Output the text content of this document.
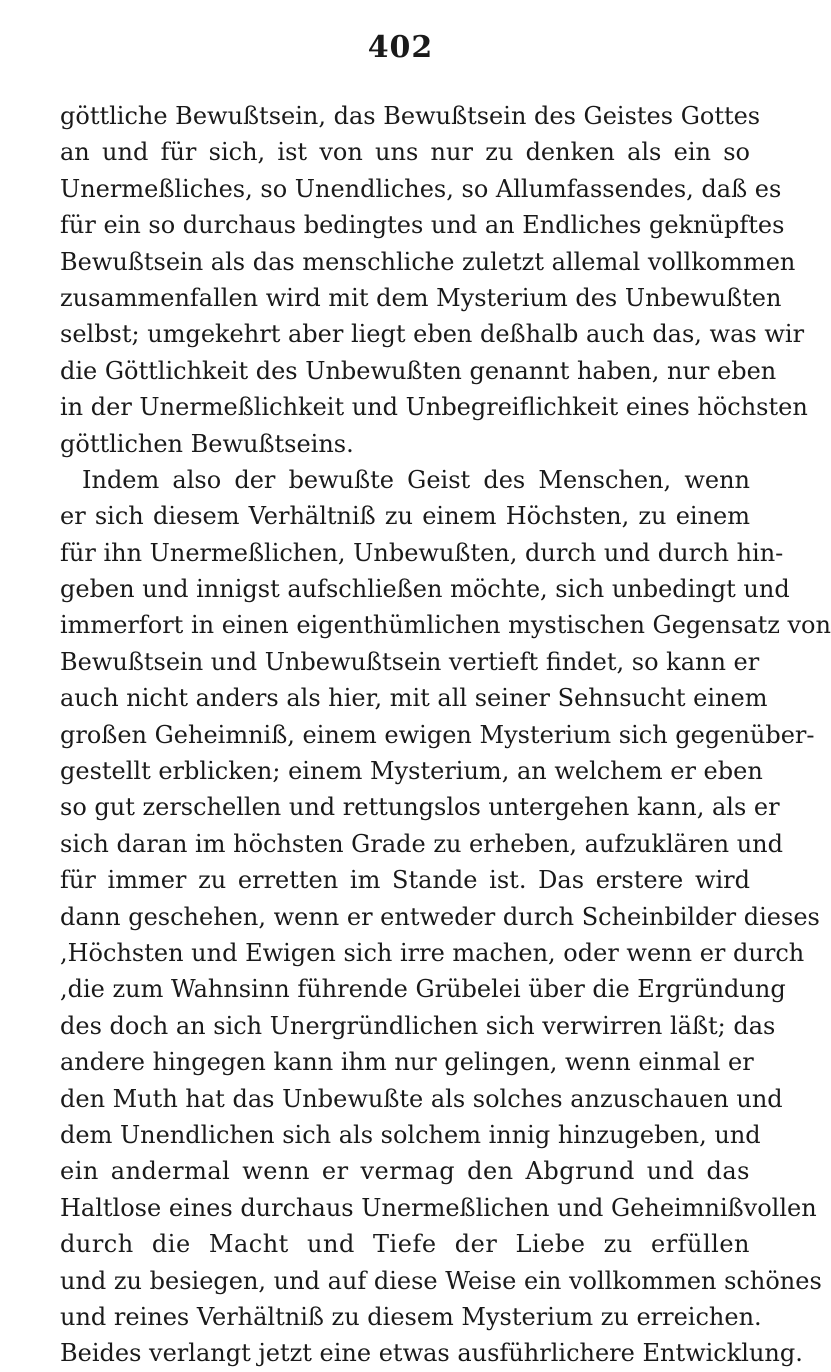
402
göttliche Bewußtsein, das Bewußtsein des Geistes Gottes
an und für sich, ist von uns nur zu denken als ein so
Unermeßliches, so Unendliches, so Allumfassendes, daß es
für ein so durchaus bedingtes und an Endliches geknüpftes
Bewußtsein als das menschliche zuletzt allemal vollkommen
zusammenfallen wird mit dem Mysterium des Unbewußten
selbst; umgekehrt aber liegt eben deßhalb auch das, was wir
die Göttlichkeit des Unbewußten genannt haben, nur eben
in der Unermeßlichkeit und Unbegreiflichkeit eines höchsten
göttlichen Bewußtseins.
Indem also der bewußte Geist des Menschen, wenn
er sich diesem Verhältniß zu einem Höchsten, zu einem
für ihn Unermeßlichen, Unbewußten, durch und durch hin-
geben und innigst aufschließen möchte, sich unbedingt und
immerfort in einen eigenthümlichen mystischen Gegensatz von
Bewußtsein und Unbewußtsein vertieft findet, so kann er
auch nicht anders als hier, mit all seiner Sehnsucht einem
großen Geheimniß, einem ewigen Mysterium sich gegenüber-
gestellt erblicken; einem Mysterium, an welchem er eben
so gut zerschellen und rettungslos untergehen kann, als er
sich daran im höchsten Grade zu erheben, aufzuklären und
für immer zu erretten im Stande ist. Das erstere wird
dann geschehen, wenn er entweder durch Scheinbilder dieses
,Höchsten und Ewigen sich irre machen, oder wenn er durch
,die zum Wahnsinn führende Grübelei über die Ergründung
des doch an sich Unergründlichen sich verwirren läßt; das
andere hingegen kann ihm nur gelingen, wenn einmal er
den Muth hat das Unbewußte als solches anzuschauen und
dem Unendlichen sich als solchem innig hinzugeben, und
ein andermal wenn er vermag den Abgrund und das
Haltlose eines durchaus Unermeßlichen und Geheimnißvollen
durch die Macht und Tiefe der Liebe zu erfüllen
und zu besiegen, und auf diese Weise ein vollkommen schönes
und reines Verhältniß zu diesem Mysterium zu erreichen.
Beides verlangt jetzt eine etwas ausführlichere Entwicklung.
